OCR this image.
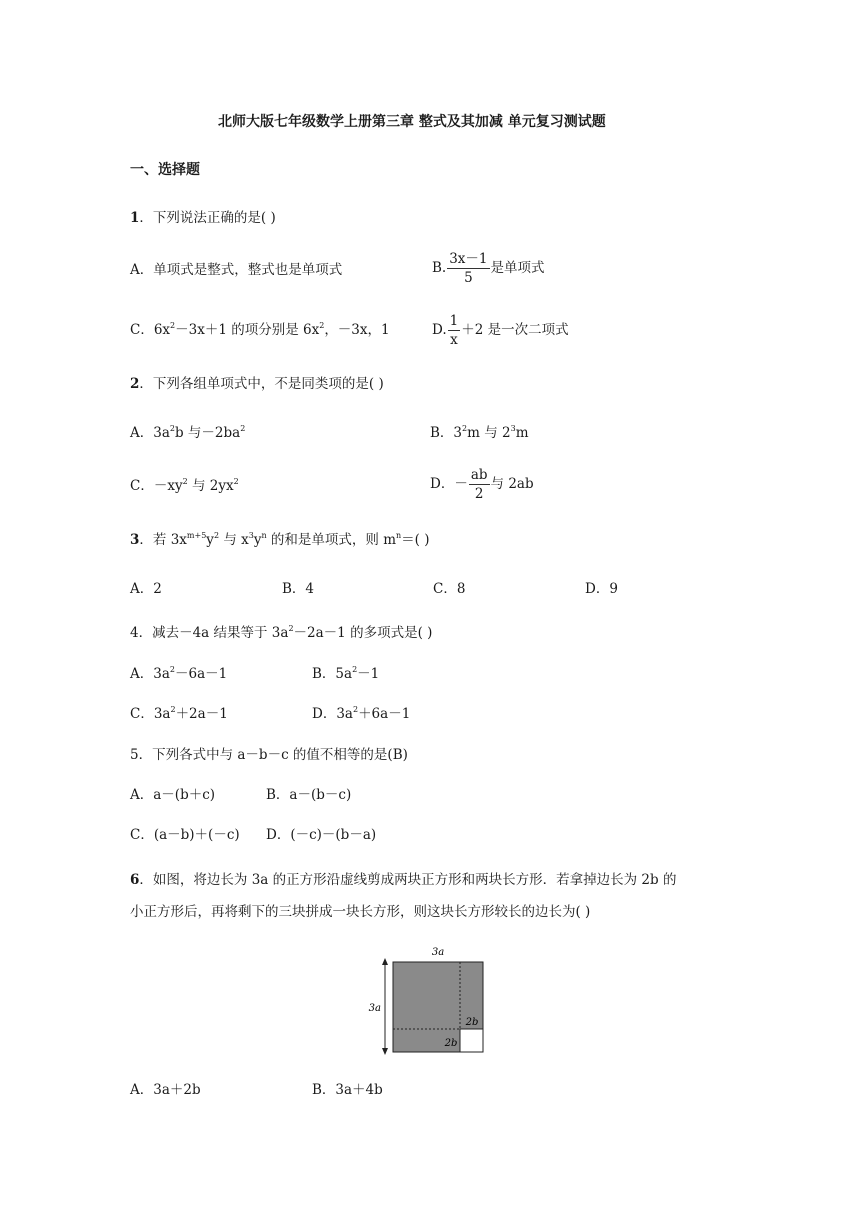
北师大版七年级数学上册第三章 整式及其加减 单元复习测试题
一、选择题
1．下列说法正确的是( )
A．单项式是整式，整式也是单项式	B. $\frac{3x-1}{5}$ 是单项式
C．$6x^2-3x+1$ 的项分别是 $6x^2$，－3x，1	D. $\frac{1}{x} +2$ 是一次二项式
2．下列各组单项式中，不是同类项的是( )
A．$3a^2b$ 与$-2ba^2$	B．$3^2m$ 与 $2^3m$
C．$-xy^2$ 与 $2yx^2$	D．－ $\frac{ab}{2}$ 与 2ab
3．若 $3x^{m+5}y^2$ 与 $x^3y^n$ 的和是单项式，则 $m^n=$( )
A．2	B．4	C．8	D．9
4．减去－4a 结果等于 $3a^2-2a-1$ 的多项式是( )
A．$3a^2-6a-1$	B．$5a^2-1$
C．$3a^2+2a-1$	D．$3a^2+6a-1$
5．下列各式中与 a－b－c 的值不相等的是(B)
A．a－(b＋c)	B．a－(b－c)
C．(a－b)＋(－c) D．(－c)－(b－a)
6．如图，将边长为 3a 的正方形沿虚线剪成两块正方形和两块长方形．若拿掉边长为 2b 的
小正方形后，再将剩下的三块拼成一块长方形，则这块长方形较长的边长为( )
3a
3a
2b
2b
A．3a＋2b	B．3a＋4b
